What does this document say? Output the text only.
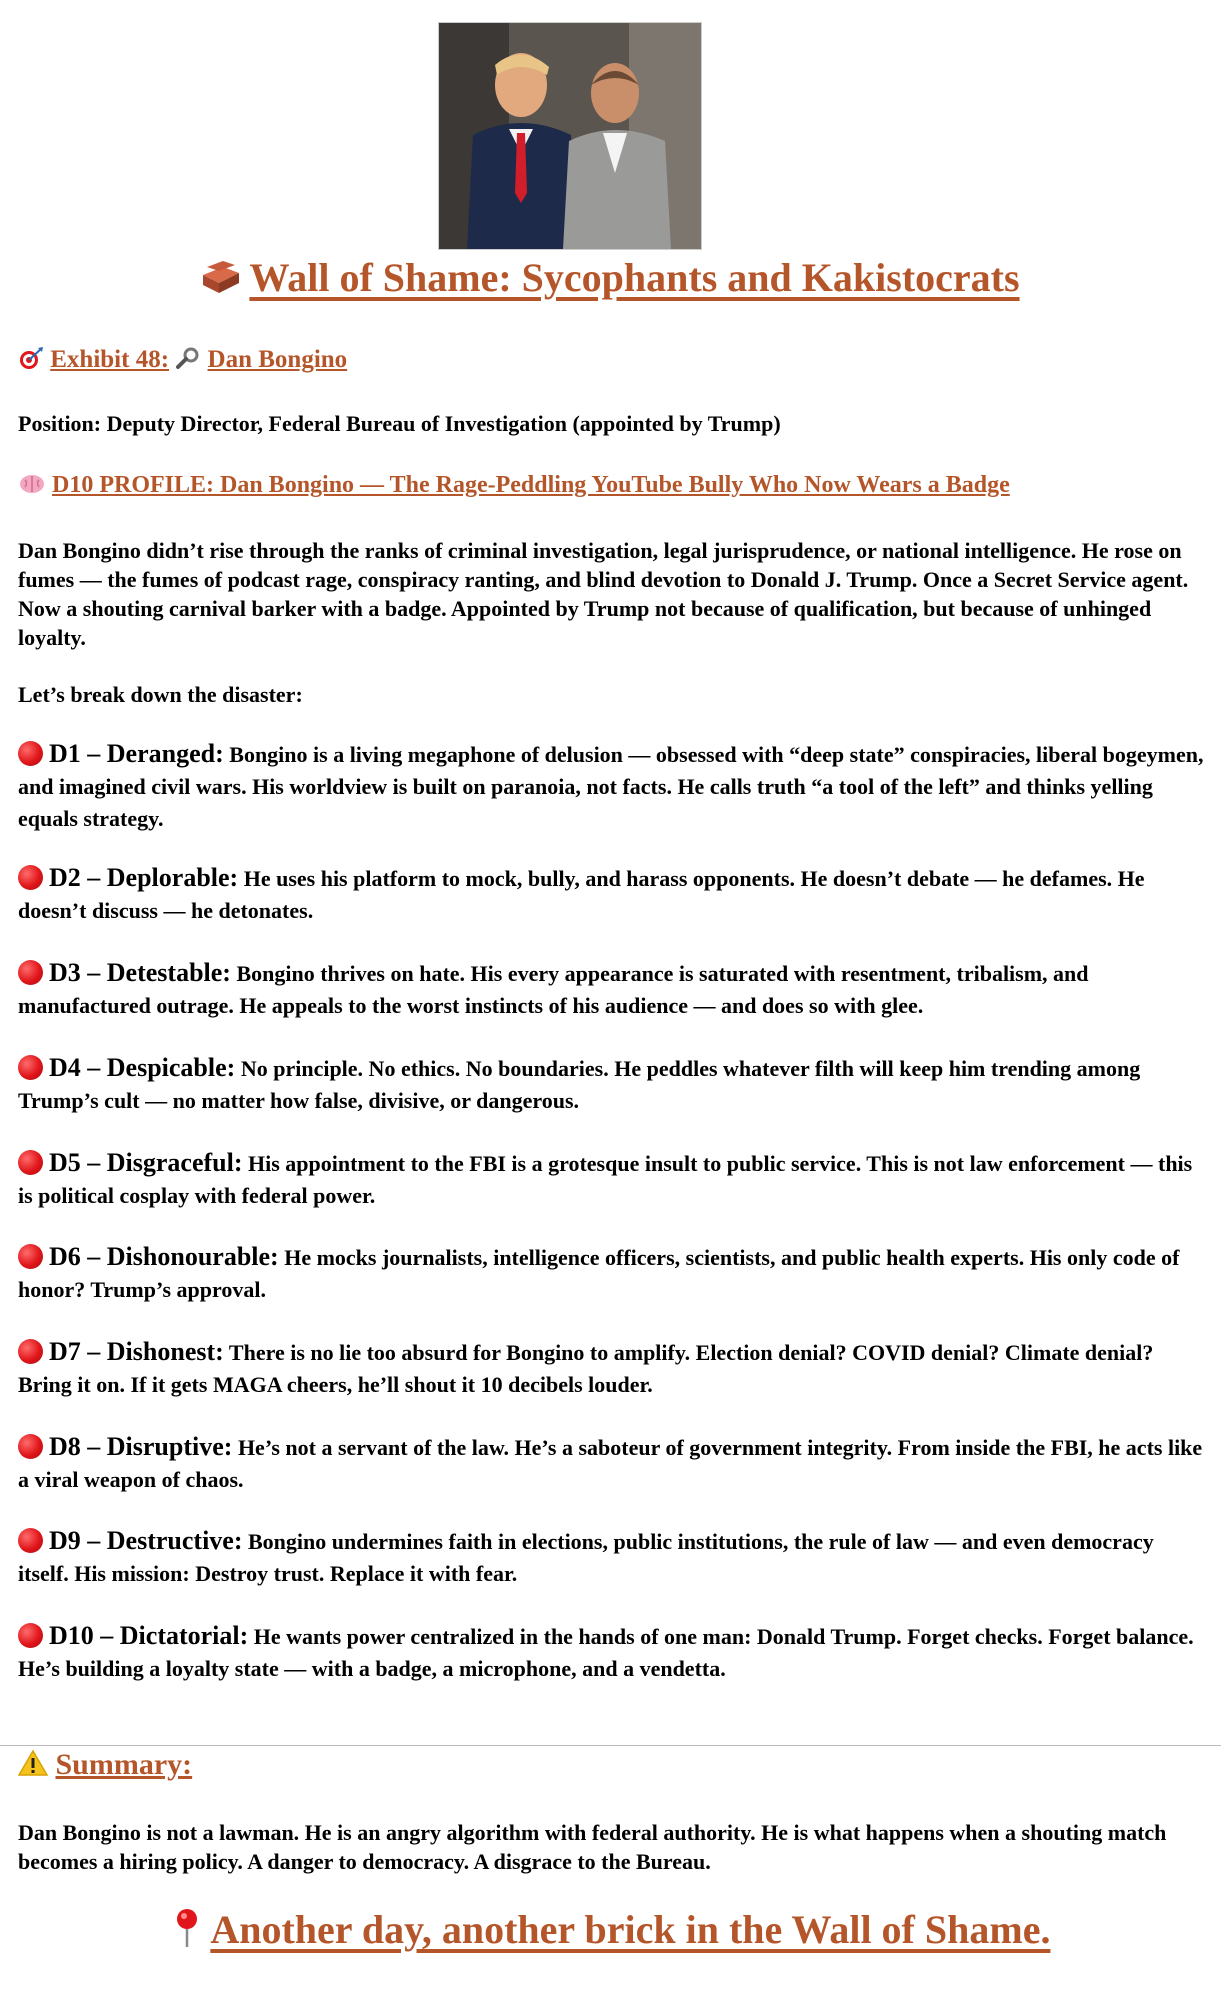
Wall of Shame: Sycophants and Kakistocrats
Exhibit 48: Dan Bongino
Position: Deputy Director, Federal Bureau of Investigation (appointed by Trump)
D10 PROFILE: Dan Bongino — The Rage-Peddling YouTube Bully Who Now Wears a Badge
Dan Bongino didn’t rise through the ranks of criminal investigation, legal jurisprudence, or national intelligence. He rose on fumes — the fumes of podcast rage, conspiracy ranting, and blind devotion to Donald J. Trump. Once a Secret Service agent. Now a shouting carnival barker with a badge. Appointed by Trump not because of qualification, but because of unhinged loyalty.
Let’s break down the disaster:
D1 – Deranged: Bongino is a living megaphone of delusion — obsessed with “deep state” conspiracies, liberal bogeymen, and imagined civil wars. His worldview is built on paranoia, not facts. He calls truth “a tool of the left” and thinks yelling equals strategy.
D2 – Deplorable: He uses his platform to mock, bully, and harass opponents. He doesn’t debate — he defames. He doesn’t discuss — he detonates.
D3 – Detestable: Bongino thrives on hate. His every appearance is saturated with resentment, tribalism, and manufactured outrage. He appeals to the worst instincts of his audience — and does so with glee.
D4 – Despicable: No principle. No ethics. No boundaries. He peddles whatever filth will keep him trending among Trump’s cult — no matter how false, divisive, or dangerous.
D5 – Disgraceful: His appointment to the FBI is a grotesque insult to public service. This is not law enforcement — this is political cosplay with federal power.
D6 – Dishonourable: He mocks journalists, intelligence officers, scientists, and public health experts. His only code of honor? Trump’s approval.
D7 – Dishonest: There is no lie too absurd for Bongino to amplify. Election denial? COVID denial? Climate denial? Bring it on. If it gets MAGA cheers, he’ll shout it 10 decibels louder.
D8 – Disruptive: He’s not a servant of the law. He’s a saboteur of government integrity. From inside the FBI, he acts like a viral weapon of chaos.
D9 – Destructive: Bongino undermines faith in elections, public institutions, the rule of law — and even democracy itself. His mission: Destroy trust. Replace it with fear.
D10 – Dictatorial: He wants power centralized in the hands of one man: Donald Trump. Forget checks. Forget balance. He’s building a loyalty state — with a badge, a microphone, and a vendetta.
Summary:
Dan Bongino is not a lawman. He is an angry algorithm with federal authority. He is what happens when a shouting match becomes a hiring policy. A danger to democracy. A disgrace to the Bureau.
Another day, another brick in the Wall of Shame.
